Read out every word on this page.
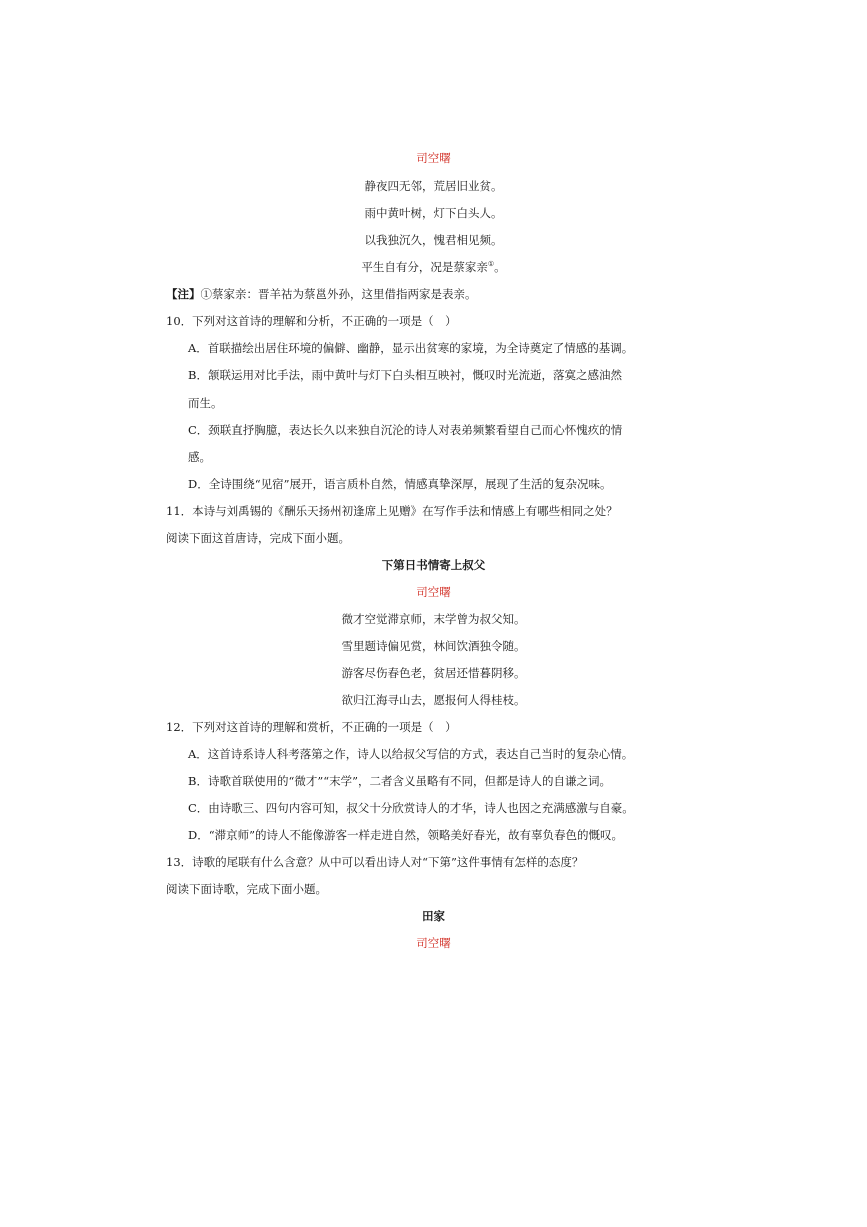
司空曙
静夜四无邻，荒居旧业贫。
雨中黄叶树，灯下白头人。
以我独沉久，愧君相见频。
平生自有分，况是蔡家亲①。
【注】①蔡家亲：晋羊祜为蔡邕外孙，这里借指两家是表亲。
10．下列对这首诗的理解和分析，不正确的一项是（　）
A．首联描绘出居住环境的偏僻、幽静，显示出贫寒的家境，为全诗奠定了情感的基调。
B．颔联运用对比手法，雨中黄叶与灯下白头相互映衬，慨叹时光流逝，落寞之感油然
而生。
C．颈联直抒胸臆，表达长久以来独自沉沦的诗人对表弟频繁看望自己而心怀愧疚的情
感。
D．全诗围绕“见宿”展开，语言质朴自然，情感真挚深厚，展现了生活的复杂况味。
11．本诗与刘禹锡的《酬乐天扬州初逢席上见赠》在写作手法和情感上有哪些相同之处？
阅读下面这首唐诗，完成下面小题。
下第日书情寄上叔父
司空曙
微才空觉滞京师，末学曾为叔父知。
雪里题诗偏见赏，林间饮酒独令随。
游客尽伤春色老，贫居还惜暮阴移。
欲归江海寻山去，愿报何人得桂枝。
12．下列对这首诗的理解和赏析，不正确的一项是（　）
A．这首诗系诗人科考落第之作，诗人以给叔父写信的方式，表达自己当时的复杂心情。
B．诗歌首联使用的“微才”“末学”，二者含义虽略有不同，但都是诗人的自谦之词。
C．由诗歌三、四句内容可知，叔父十分欣赏诗人的才华，诗人也因之充满感激与自豪。
D．“滞京师”的诗人不能像游客一样走进自然，领略美好春光，故有辜负春色的慨叹。
13．诗歌的尾联有什么含意？从中可以看出诗人对“下第”这件事情有怎样的态度？
阅读下面诗歌，完成下面小题。
田家
司空曙
